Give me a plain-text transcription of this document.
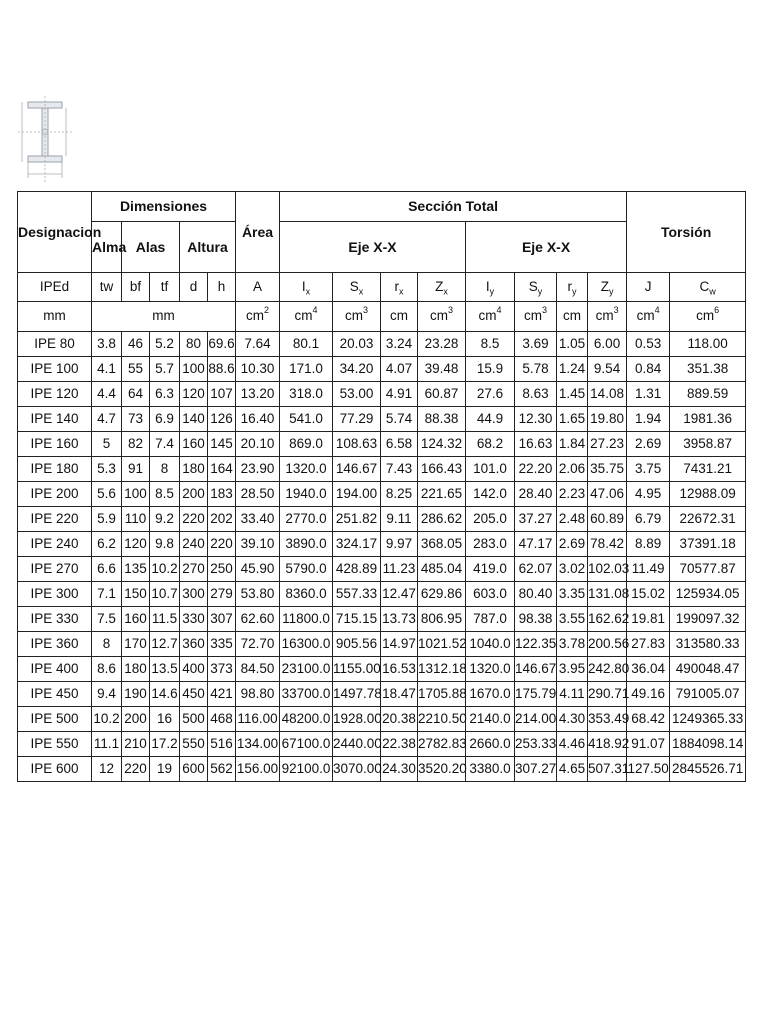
Designacion	Dimensiones					Área	Sección Total								Torsión	
	Alma	Alas		Altura			Eje X-X				Eje X-X					
IPEd	tw	bf	tf	d	h	A	$I_x$	$S_x$	$r_x$	$Z_x$	$I_y$	$S_y$	$r_y$	$Z_y$	J	$C_w$
mm	mm					$cm^2$	$cm^4$	$cm^3$	cm	$cm^3$	$cm^4$	$cm^3$	cm	$cm^3$	$cm^4$	$cm^6$
IPE 80	3.8	46	5.2	80	69.6	7.64	80.1	20.03	3.24	23.28	8.5	3.69	1.05	6.00	0.53	118.00
IPE 100	4.1	55	5.7	100	88.6	10.30	171.0	34.20	4.07	39.48	15.9	5.78	1.24	9.54	0.84	351.38
IPE 120	4.4	64	6.3	120	107	13.20	318.0	53.00	4.91	60.87	27.6	8.63	1.45	14.08	1.31	889.59
IPE 140	4.7	73	6.9	140	126	16.40	541.0	77.29	5.74	88.38	44.9	12.30	1.65	19.80	1.94	1981.36
IPE 160	5	82	7.4	160	145	20.10	869.0	108.63	6.58	124.32	68.2	16.63	1.84	27.23	2.69	3958.87
IPE 180	5.3	91	8	180	164	23.90	1320.0	146.67	7.43	166.43	101.0	22.20	2.06	35.75	3.75	7431.21
IPE 200	5.6	100	8.5	200	183	28.50	1940.0	194.00	8.25	221.65	142.0	28.40	2.23	47.06	4.95	12988.09
IPE 220	5.9	110	9.2	220	202	33.40	2770.0	251.82	9.11	286.62	205.0	37.27	2.48	60.89	6.79	22672.31
IPE 240	6.2	120	9.8	240	220	39.10	3890.0	324.17	9.97	368.05	283.0	47.17	2.69	78.42	8.89	37391.18
IPE 270	6.6	135	10.2	270	250	45.90	5790.0	428.89	11.23	485.04	419.0	62.07	3.02	102.03	11.49	70577.87
IPE 300	7.1	150	10.7	300	279	53.80	8360.0	557.33	12.47	629.86	603.0	80.40	3.35	131.08	15.02	125934.05
IPE 330	7.5	160	11.5	330	307	62.60	11800.0	715.15	13.73	806.95	787.0	98.38	3.55	162.62	19.81	199097.32
IPE 360	8	170	12.7	360	335	72.70	16300.0	905.56	14.97	1021.52	1040.0	122.35	3.78	200.56	27.83	313580.33
IPE 400	8.6	180	13.5	400	373	84.50	23100.0	1155.00	16.53	1312.18	1320.0	146.67	3.95	242.80	36.04	490048.47
IPE 450	9.4	190	14.6	450	421	98.80	33700.0	1497.78	18.47	1705.88	1670.0	175.79	4.11	290.71	49.16	791005.07
IPE 500	10.2	200	16	500	468	116.00	48200.0	1928.00	20.38	2210.50	2140.0	214.00	4.30	353.49	68.42	1249365.33
IPE 550	11.1	210	17.2	550	516	134.00	67100.0	2440.00	22.38	2782.83	2660.0	253.33	4.46	418.92	91.07	1884098.14
IPE 600	12	220	19	600	562	156.00	92100.0	3070.00	24.30	3520.20	3380.0	307.27	4.65	507.31	127.50	2845526.71
